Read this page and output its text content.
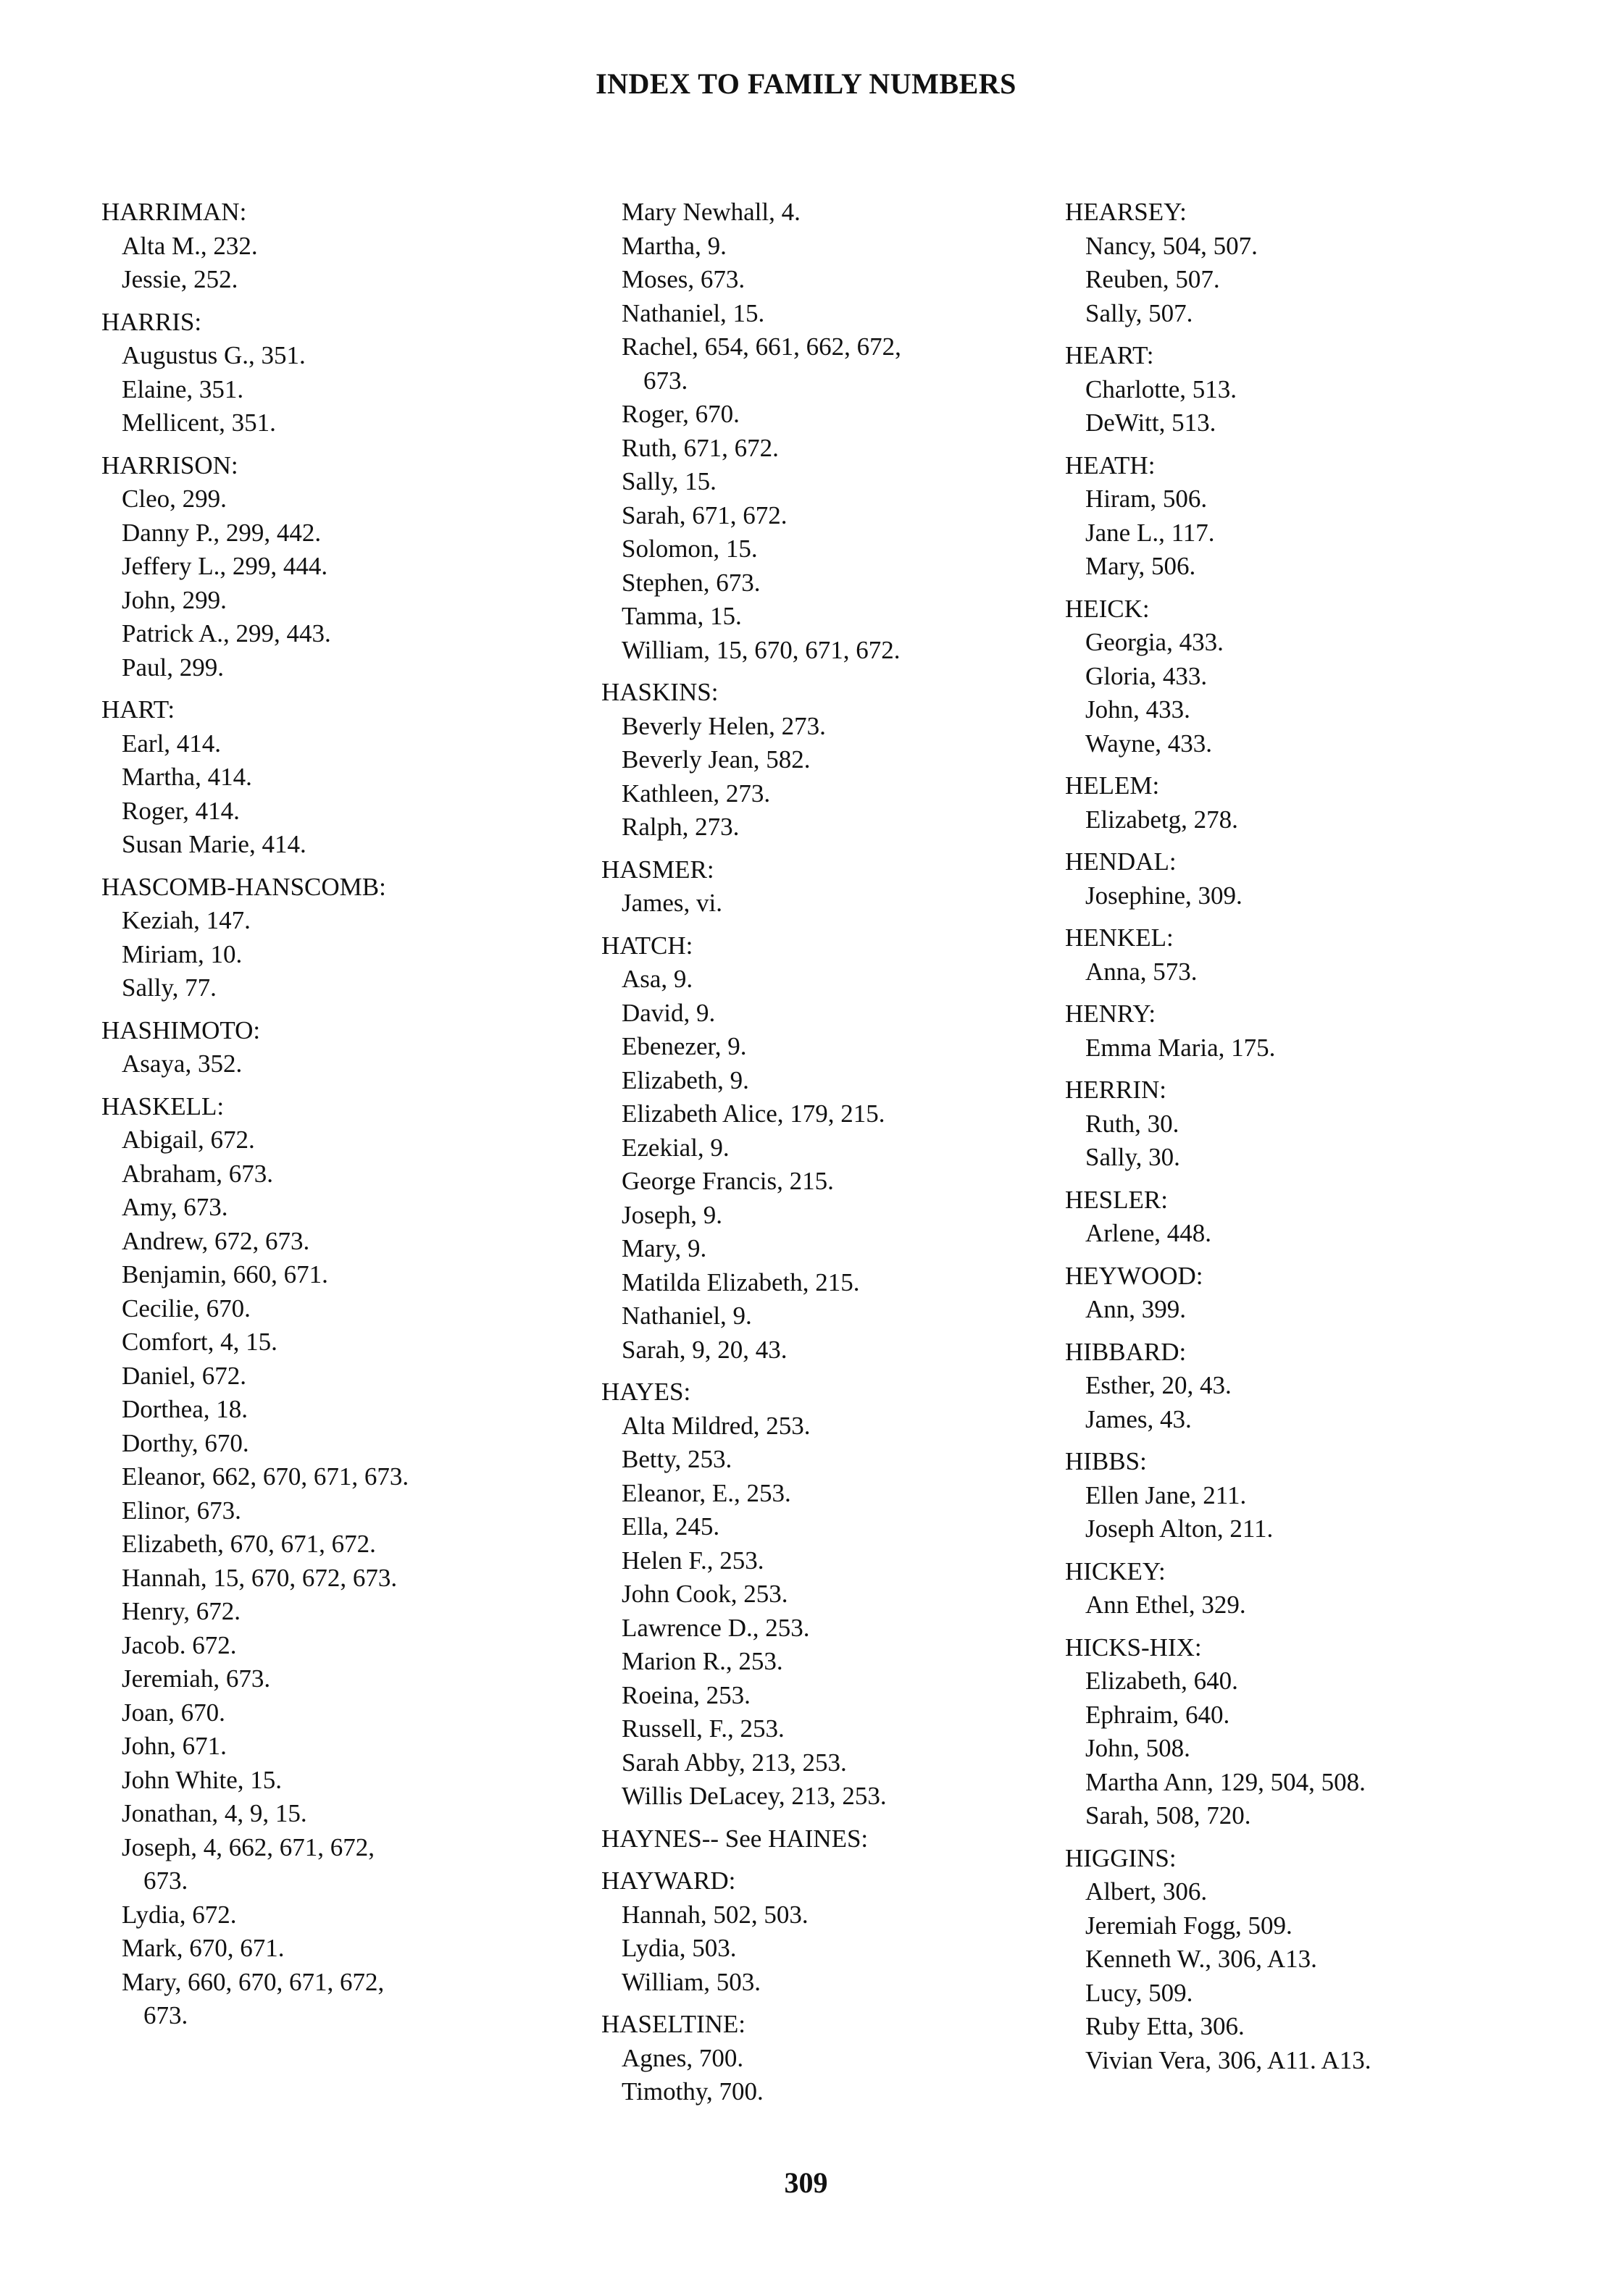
INDEX TO FAMILY NUMBERS
HARRIMAN:
Alta M., 232.
Jessie, 252.
HARRIS:
Augustus G., 351.
Elaine, 351.
Mellicent, 351.
HARRISON:
Cleo, 299.
Danny P., 299, 442.
Jeffery L., 299, 444.
John, 299.
Patrick A., 299, 443.
Paul, 299.
HART:
Earl, 414.
Martha, 414.
Roger, 414.
Susan Marie, 414.
HASCOMB-HANSCOMB:
Keziah, 147.
Miriam, 10.
Sally, 77.
HASHIMOTO:
Asaya, 352.
HASKELL:
Abigail, 672.
Abraham, 673.
Amy, 673.
Andrew, 672, 673.
Benjamin, 660, 671.
Cecilie, 670.
Comfort, 4, 15.
Daniel, 672.
Dorthea, 18.
Dorthy, 670.
Eleanor, 662, 670, 671, 673.
Elinor, 673.
Elizabeth, 670, 671, 672.
Hannah, 15, 670, 672, 673.
Henry, 672.
Jacob. 672.
Jeremiah, 673.
Joan, 670.
John, 671.
John White, 15.
Jonathan, 4, 9, 15.
Joseph, 4, 662, 671, 672,
673.
Lydia, 672.
Mark, 670, 671.
Mary, 660, 670, 671, 672,
673.
Mary Newhall, 4.
Martha, 9.
Moses, 673.
Nathaniel, 15.
Rachel, 654, 661, 662, 672,
673.
Roger, 670.
Ruth, 671, 672.
Sally, 15.
Sarah, 671, 672.
Solomon, 15.
Stephen, 673.
Tamma, 15.
William, 15, 670, 671, 672.
HASKINS:
Beverly Helen, 273.
Beverly Jean, 582.
Kathleen, 273.
Ralph, 273.
HASMER:
James, vi.
HATCH:
Asa, 9.
David, 9.
Ebenezer, 9.
Elizabeth, 9.
Elizabeth Alice, 179, 215.
Ezekial, 9.
George Francis, 215.
Joseph, 9.
Mary, 9.
Matilda Elizabeth, 215.
Nathaniel, 9.
Sarah, 9, 20, 43.
HAYES:
Alta Mildred, 253.
Betty, 253.
Eleanor, E., 253.
Ella, 245.
Helen F., 253.
John Cook, 253.
Lawrence D., 253.
Marion R., 253.
Roeina, 253.
Russell, F., 253.
Sarah Abby, 213, 253.
Willis DeLacey, 213, 253.
HAYNES-- See HAINES:
HAYWARD:
Hannah, 502, 503.
Lydia, 503.
William, 503.
HASELTINE:
Agnes, 700.
Timothy, 700.
HEARSEY:
Nancy, 504, 507.
Reuben, 507.
Sally, 507.
HEART:
Charlotte, 513.
DeWitt, 513.
HEATH:
Hiram, 506.
Jane L., 117.
Mary, 506.
HEICK:
Georgia, 433.
Gloria, 433.
John, 433.
Wayne, 433.
HELEM:
Elizabetg, 278.
HENDAL:
Josephine, 309.
HENKEL:
Anna, 573.
HENRY:
Emma Maria, 175.
HERRIN:
Ruth, 30.
Sally, 30.
HESLER:
Arlene, 448.
HEYWOOD:
Ann, 399.
HIBBARD:
Esther, 20, 43.
James, 43.
HIBBS:
Ellen Jane, 211.
Joseph Alton, 211.
HICKEY:
Ann Ethel, 329.
HICKS-HIX:
Elizabeth, 640.
Ephraim, 640.
John, 508.
Martha Ann, 129, 504, 508.
Sarah, 508, 720.
HIGGINS:
Albert, 306.
Jeremiah Fogg, 509.
Kenneth W., 306, A13.
Lucy, 509.
Ruby Etta, 306.
Vivian Vera, 306, A11. A13.
309
